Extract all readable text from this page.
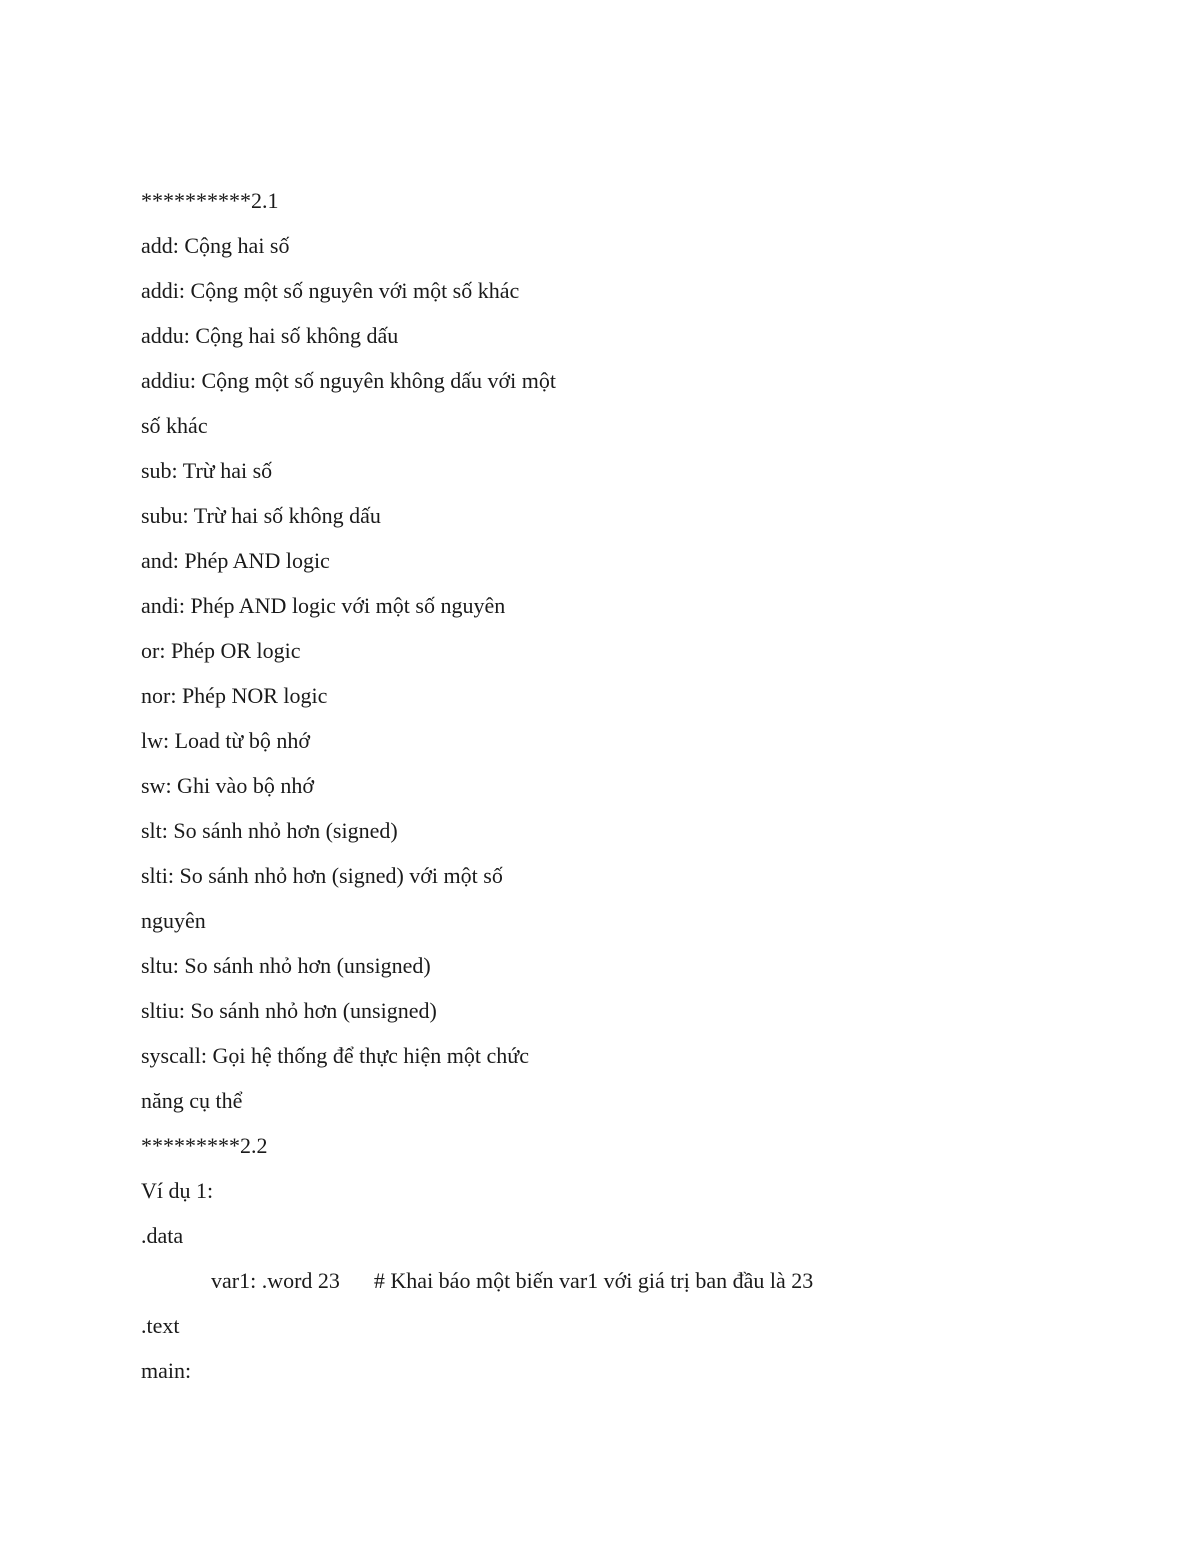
**********2.1
add: Cộng hai số
addi: Cộng một số nguyên với một số khác
addu: Cộng hai số không dấu
addiu: Cộng một số nguyên không dấu với một
số khác
sub: Trừ hai số
subu: Trừ hai số không dấu
and: Phép AND logic
andi: Phép AND logic với một số nguyên
or: Phép OR logic
nor: Phép NOR logic
lw: Load từ bộ nhớ
sw: Ghi vào bộ nhớ
slt: So sánh nhỏ hơn (signed)
slti: So sánh nhỏ hơn (signed) với một số
nguyên
sltu: So sánh nhỏ hơn (unsigned)
sltiu: So sánh nhỏ hơn (unsigned)
syscall: Gọi hệ thống để thực hiện một chức
năng cụ thể
*********2.2
Ví dụ 1:
.data
var1: .word 23 # Khai báo một biến var1 với giá trị ban đầu là 23
.text
main:
